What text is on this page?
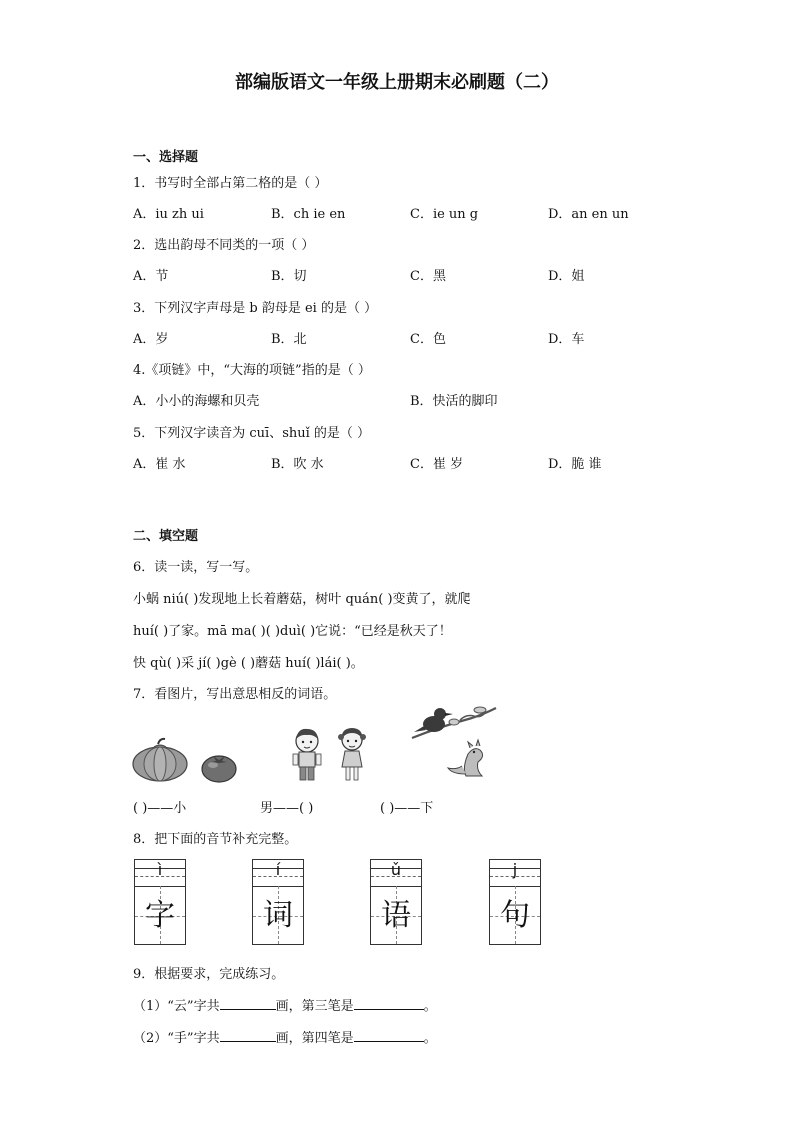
部编版语文一年级上册期末必刷题（二）
一、选择题
1．书写时全部占第二格的是（ ）
A．iu zh ui	B．ch ie en	C．ie un g	D．an en un
2．选出韵母不同类的一项（ ）
A．节	B．切	C．黑	D．姐
3．下列汉字声母是 b 韵母是 ei 的是（ ）
A．岁	B．北	C．色	D．车
4.《项链》中，“大海的项链”指的是（ ）
A．小小的海螺和贝壳	B．快活的脚印
5．下列汉字读音为 cuī、shuǐ 的是（ ）
A．崔 水	B．吹 水	C．崔 岁	D．脆 谁
二、填空题
6．读一读，写一写。
小蜗 niú( )发现地上长着蘑菇，树叶 quán( )变黄了，就爬
huí( )了家。mā ma( )( )duì( )它说：“已经是秋天了！
快 qù( )采 jí( )gè ( )蘑菇 huí( )lái( )。
7．看图片，写出意思相反的词语。
( )——小	男——( )	( )——下
8．把下面的音节补充完整。
ì
字
í
词
ǔ
语
j
句
9．根据要求，完成练习。
（1）“云”字共	画，第三笔是	。
（2）“手”字共	画，第四笔是	。
